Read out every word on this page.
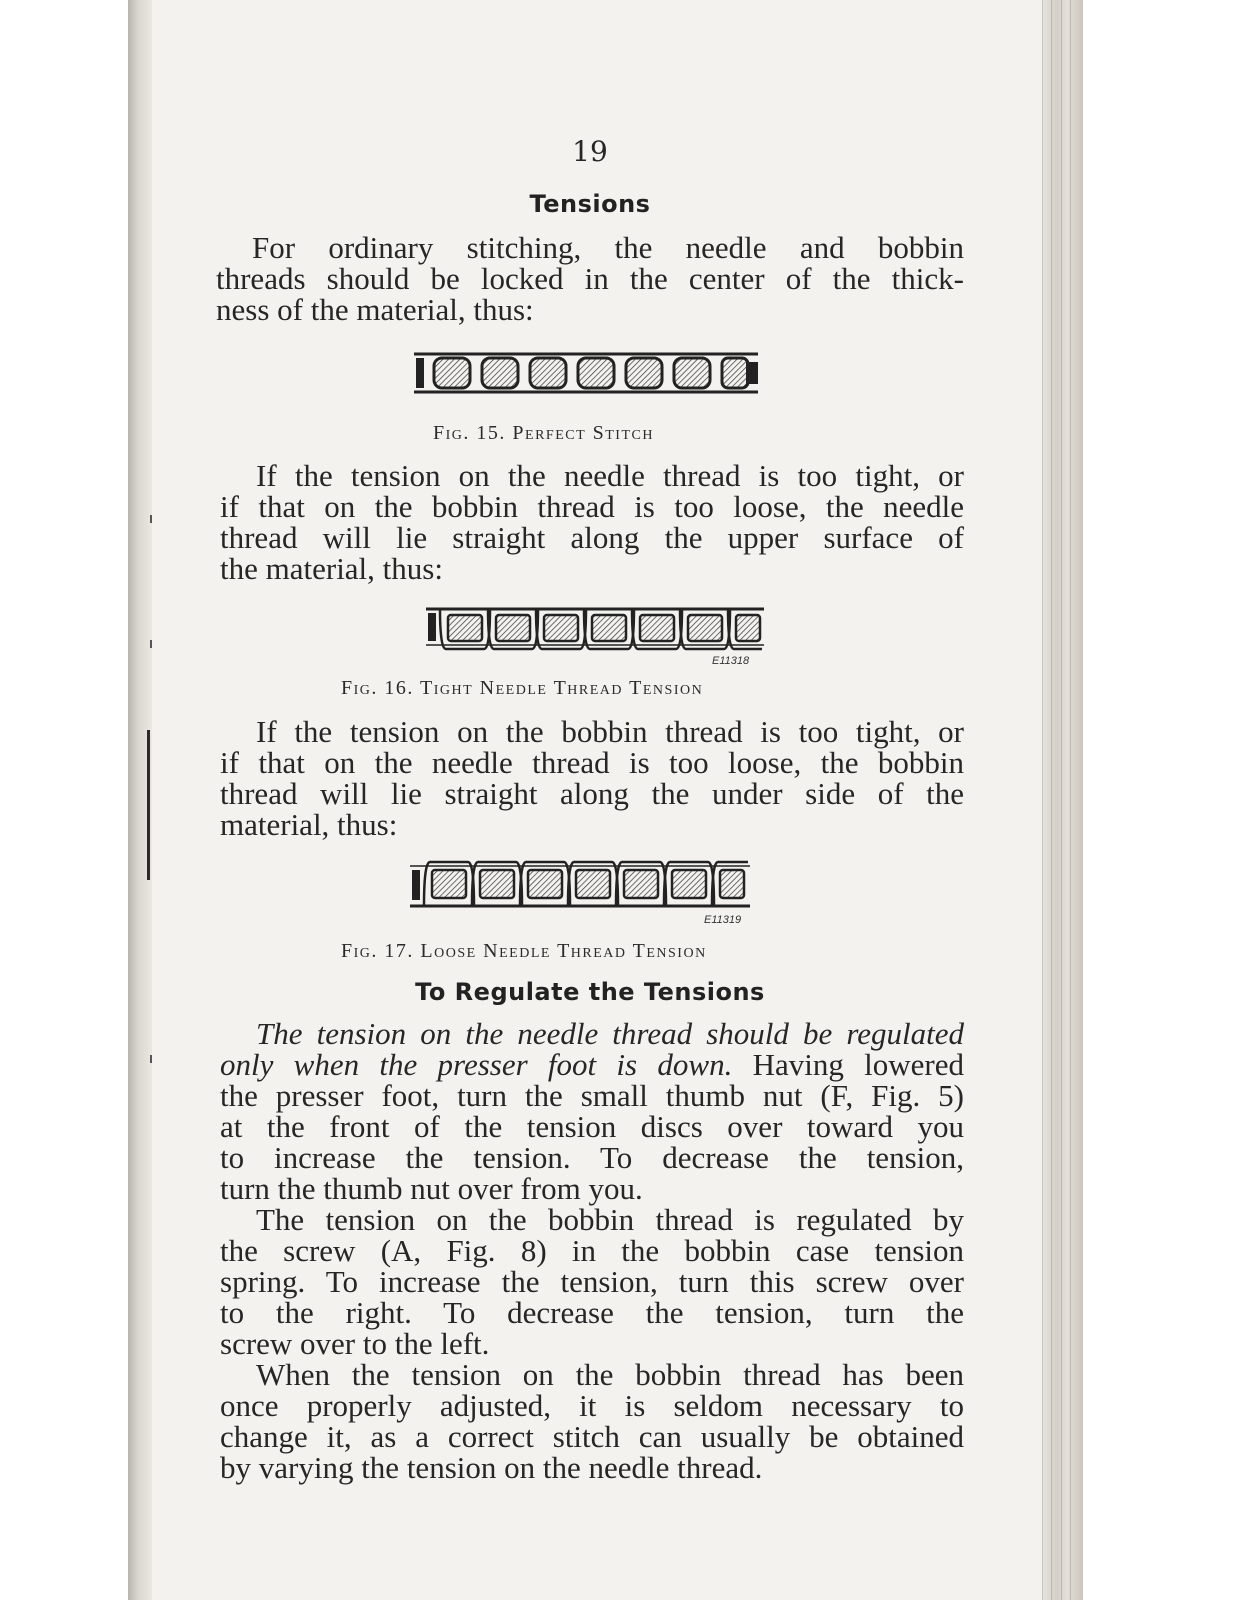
19
Tensions
For ordinary stitching, the needle and bobbin
threads should be locked in the center of the thick-
ness of the material, thus:
Fig. 15. Perfect Stitch
If the tension on the needle thread is too tight, or
if that on the bobbin thread is too loose, the needle
thread will lie straight along the upper surface of
the material, thus:
E11318
Fig. 16. Tight Needle Thread Tension
If the tension on the bobbin thread is too tight, or
if that on the needle thread is too loose, the bobbin
thread will lie straight along the under side of the
material, thus:
E11319
Fig. 17. Loose Needle Thread Tension
To Regulate the Tensions
The tension on the needle thread should be regulated
only when the presser foot is down. Having lowered
the presser foot, turn the small thumb nut (F, Fig. 5)
at the front of the tension discs over toward you
to increase the tension. To decrease the tension,
turn the thumb nut over from you.
The tension on the bobbin thread is regulated by
the screw (A, Fig. 8) in the bobbin case tension
spring. To increase the tension, turn this screw over
to the right. To decrease the tension, turn the
screw over to the left.
When the tension on the bobbin thread has been
once properly adjusted, it is seldom necessary to
change it, as a correct stitch can usually be obtained
by varying the tension on the needle thread.
